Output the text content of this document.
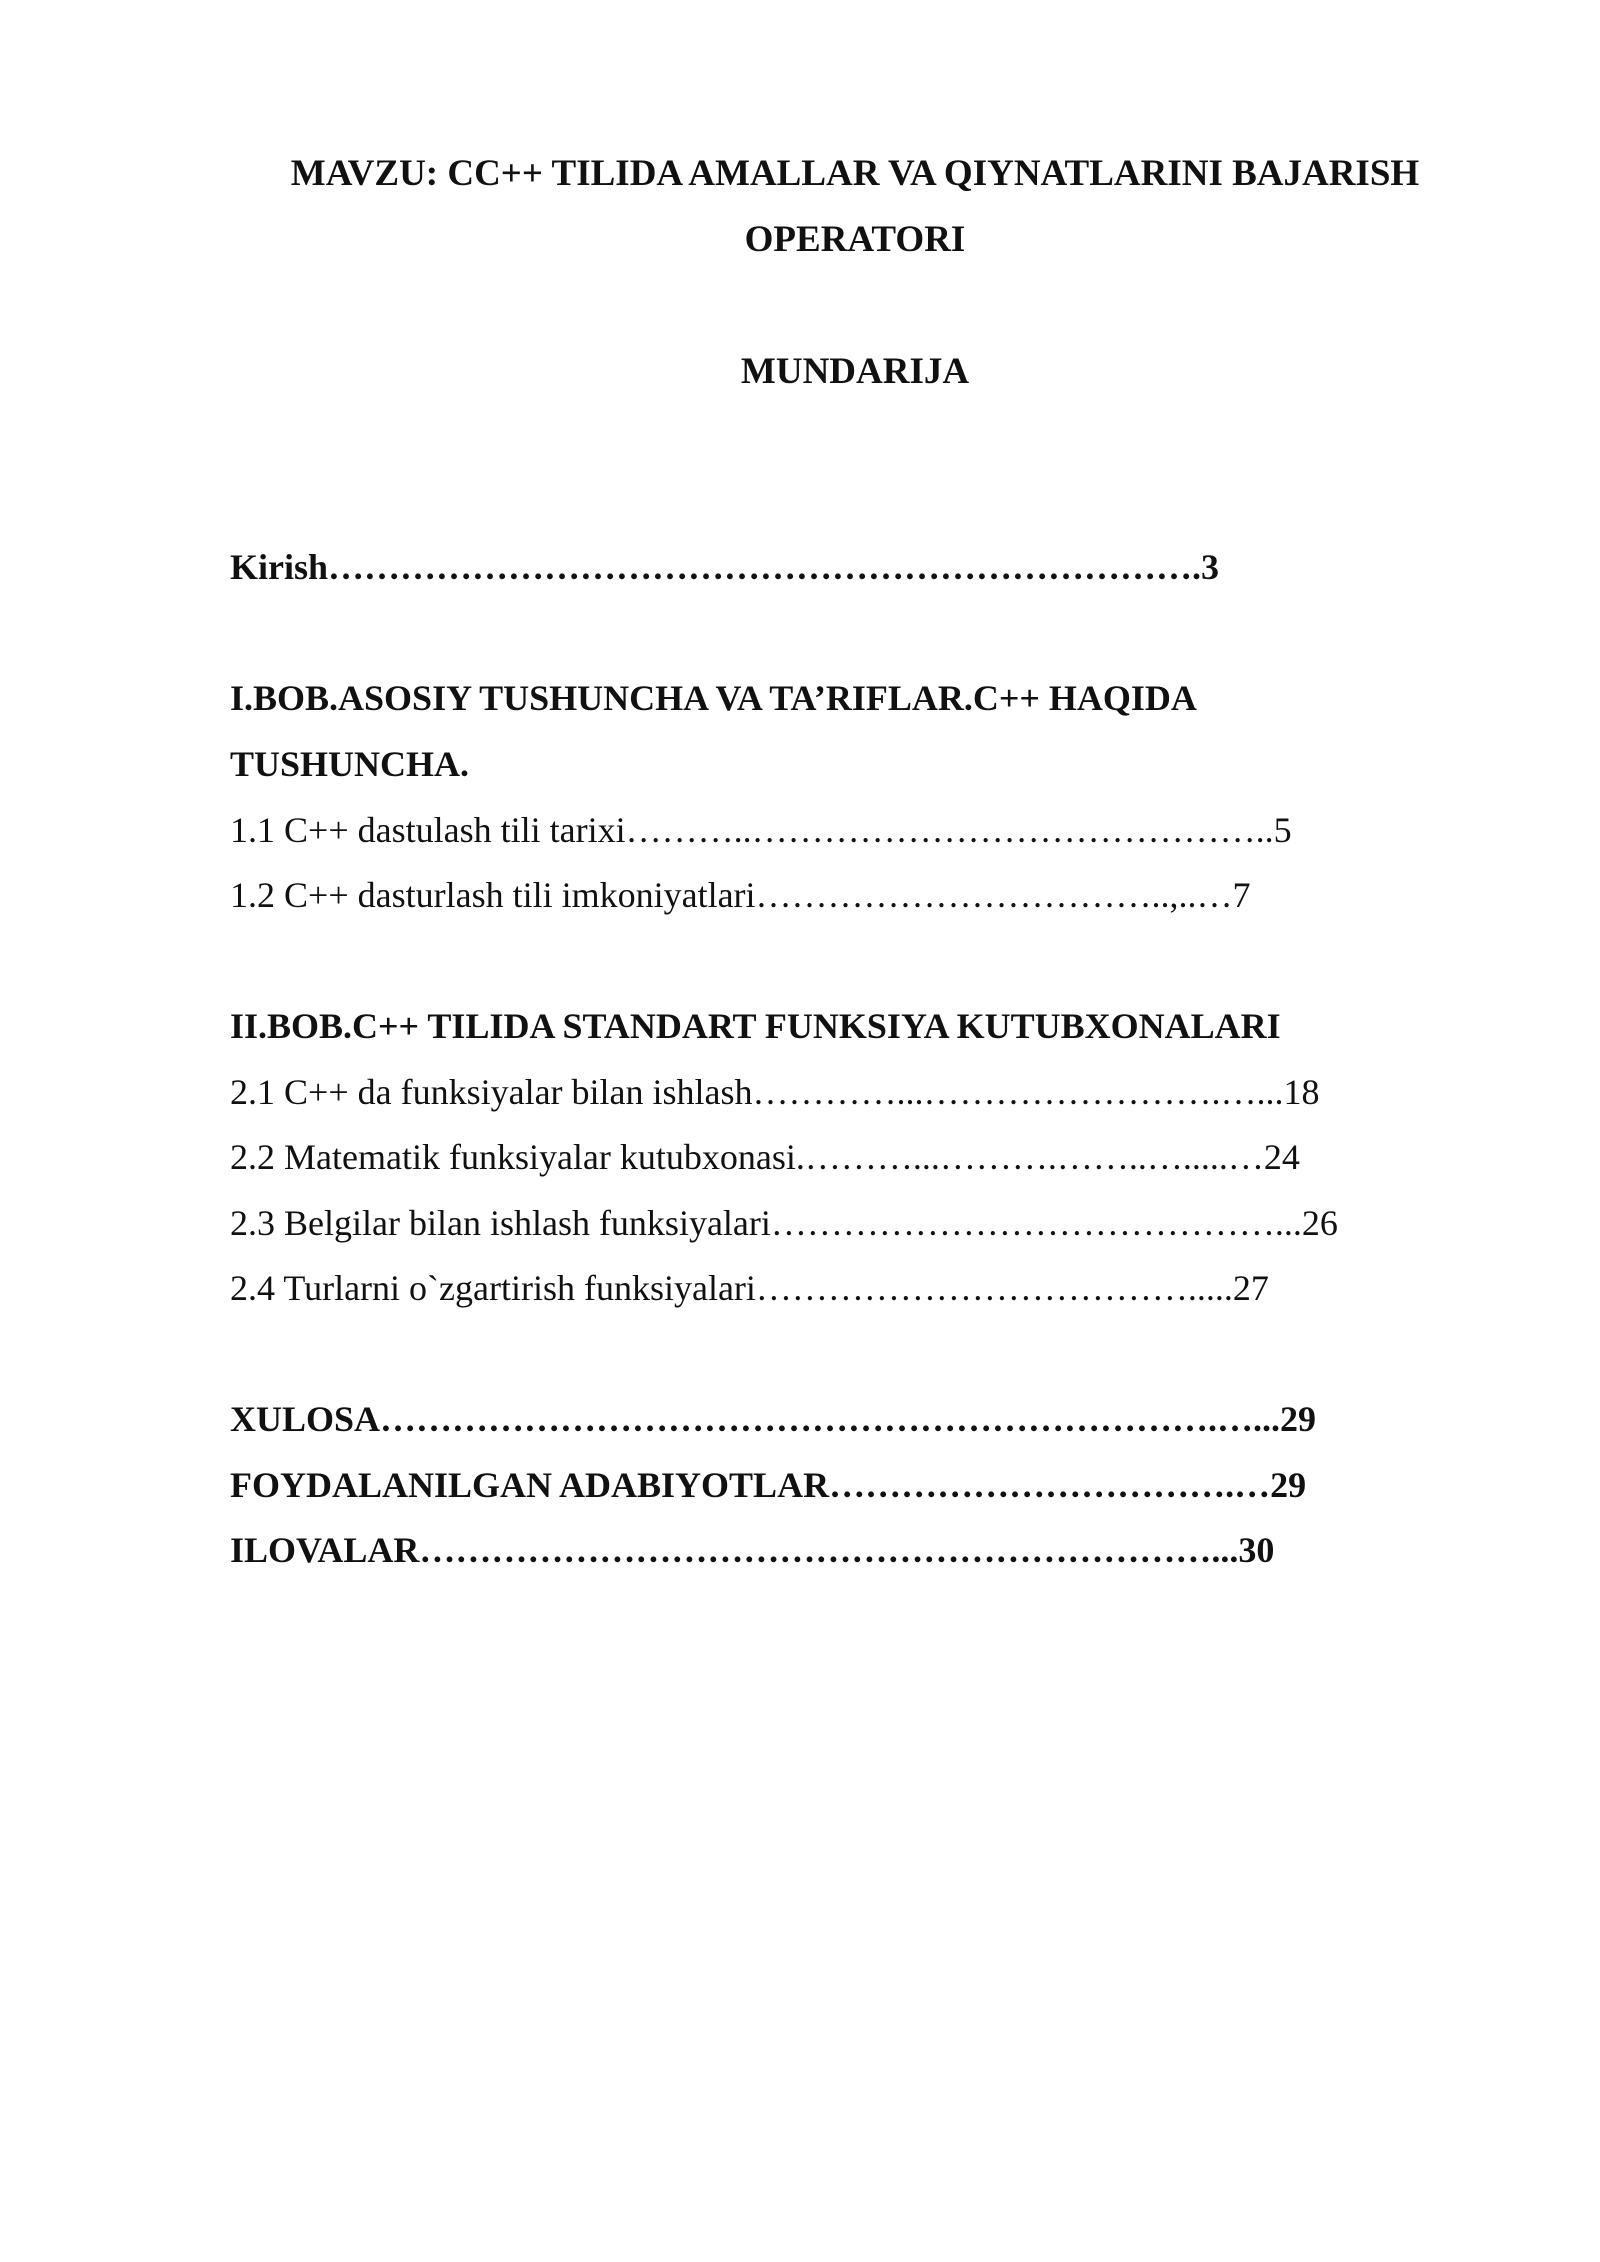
MAVZU: CC++ TILIDA AMALLAR VA QIYNATLARINI BAJARISH
OPERATORI
MUNDARIJA
Kirish……………………………………………………………….3
I.BOB.ASOSIY TUSHUNCHA VA TA’RIFLAR.C++ HAQIDA
TUSHUNCHA.
1.1 C++ dastulash tili tarixi………..……………………………………..5
1.2 C++ dasturlash tili imkoniyatlari……………………………..,..…7
II.BOB.C++ TILIDA STANDART FUNKSIYA KUTUBXONALARI
2.1 C++ da funksiyalar bilan ishlash…………...…………………….…...18
2.2 Matematik funksiyalar kutubxonasi.………...……….……..….....…24
2.3 Belgilar bilan ishlash funksiyalari……………………………………...26
2.4 Turlarni o`zgartirish funksiyalari……………………………….....27
XULOSA…………………………………………………………….…...29
FOYDALANILGAN ADABIYOTLAR…………………………….…29
ILOVALAR…………………………………………………………...30
